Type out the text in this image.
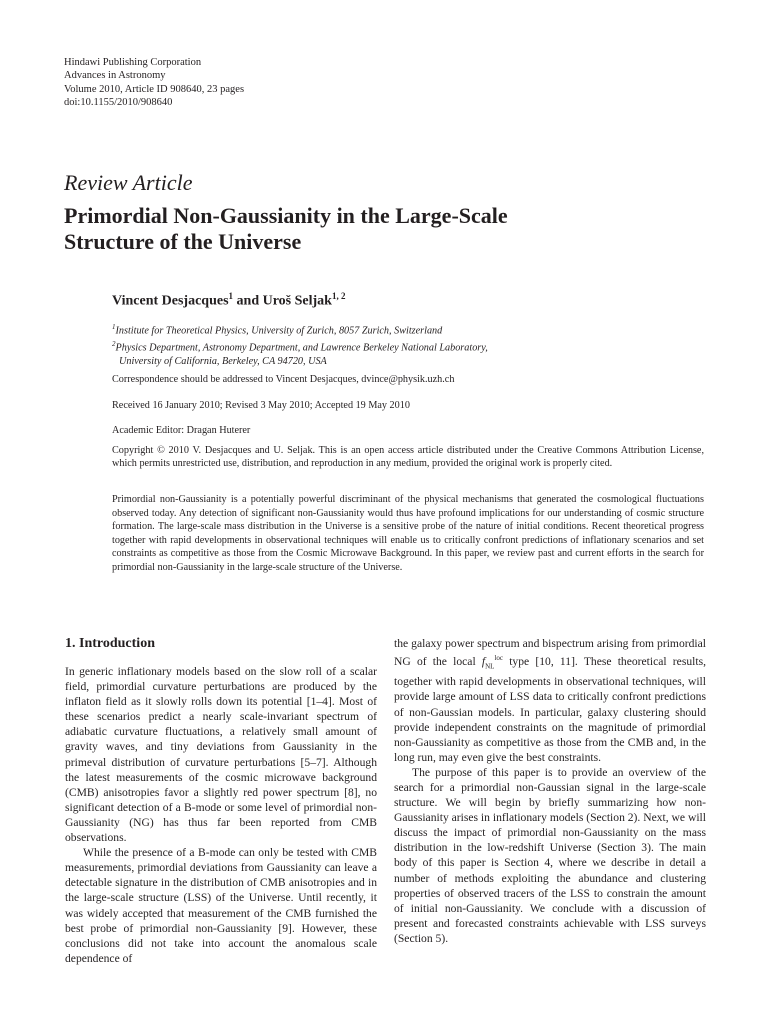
Hindawi Publishing Corporation
Advances in Astronomy
Volume 2010, Article ID 908640, 23 pages
doi:10.1155/2010/908640
Review Article
Primordial Non-Gaussianity in the Large-Scale
Structure of the Universe
Vincent Desjacques$^1$ and Uroš Seljak$^{1, 2}$
$^1$Institute for Theoretical Physics, University of Zurich, 8057 Zurich, Switzerland
$^2$Physics Department, Astronomy Department, and Lawrence Berkeley National Laboratory,
University of California, Berkeley, CA 94720, USA
Correspondence should be addressed to Vincent Desjacques, dvince@physik.uzh.ch
Received 16 January 2010; Revised 3 May 2010; Accepted 19 May 2010
Academic Editor: Dragan Huterer
Copyright © 2010 V. Desjacques and U. Seljak. This is an open access article distributed under the Creative Commons Attribution License, which permits unrestricted use, distribution, and reproduction in any medium, provided the original work is properly cited.
Primordial non-Gaussianity is a potentially powerful discriminant of the physical mechanisms that generated the cosmological fluctuations observed today. Any detection of significant non-Gaussianity would thus have profound implications for our understanding of cosmic structure formation. The large-scale mass distribution in the Universe is a sensitive probe of the nature of initial conditions. Recent theoretical progress together with rapid developments in observational techniques will enable us to critically confront predictions of inflationary scenarios and set constraints as competitive as those from the Cosmic Microwave Background. In this paper, we review past and current efforts in the search for primordial non-Gaussianity in the large-scale structure of the Universe.
1. Introduction

In generic inflationary models based on the slow roll of a scalar field, primordial curvature perturbations are produced by the inflaton field as it slowly rolls down its potential [1–4]. Most of these scenarios predict a nearly scale-invariant spectrum of adiabatic curvature fluctuations, a relatively small amount of gravity waves, and tiny deviations from Gaussianity in the primeval distribution of curvature perturbations [5–7]. Although the latest measurements of the cosmic microwave background (CMB) anisotropies favor a slightly red power spectrum [8], no significant detection of a B-mode or some level of primordial non-Gaussianity (NG) has thus far been reported from CMB observations.

While the presence of a B-mode can only be tested with CMB measurements, primordial deviations from Gaussianity can leave a detectable signature in the distribution of CMB anisotropies and in the large-scale structure (LSS) of the Universe. Until recently, it was widely accepted that measurement of the CMB furnished the best probe of primordial non-Gaussianity [9]. However, these conclusions did not take into account the anomalous scale dependence of

the galaxy power spectrum and bispectrum arising from primordial NG of the local $f_{NL}^{loc}$ type [10, 11]. These theoretical results, together with rapid developments in observational techniques, will provide large amount of LSS data to critically confront predictions of non-Gaussian models. In particular, galaxy clustering should provide independent constraints on the magnitude of primordial non-Gaussianity as competitive as those from the CMB and, in the long run, may even give the best constraints.

The purpose of this paper is to provide an overview of the search for a primordial non-Gaussian signal in the large-scale structure. We will begin by briefly summarizing how non-Gaussianity arises in inflationary models (Section 2). Next, we will discuss the impact of primordial non-Gaussianity on the mass distribution in the low-redshift Universe (Section 3). The main body of this paper is Section 4, where we describe in detail a number of methods exploiting the abundance and clustering properties of observed tracers of the LSS to constrain the amount of initial non-Gaussianity. We conclude with a discussion of present and forecasted constraints achievable with LSS surveys (Section 5).
